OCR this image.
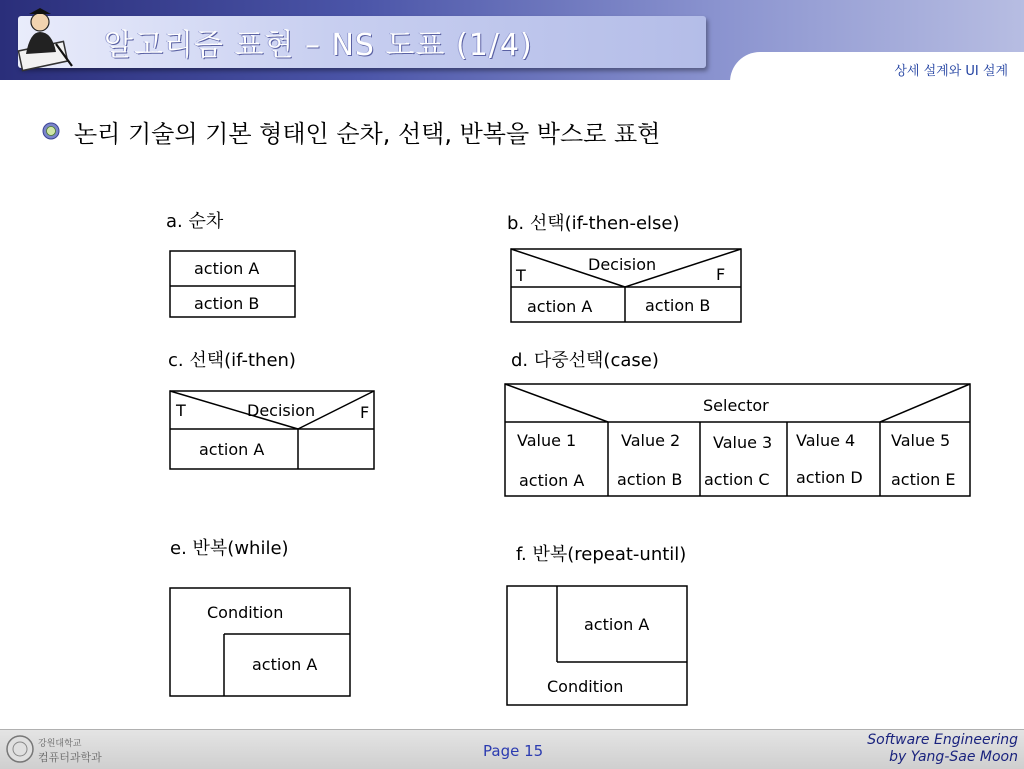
알고리즘 표현 – NS 도표 (1/4)
상세 설계와 UI 설계
논리 기술의 기본 형태인 순차, 선택, 반복을 박스로 표현
a. 순차
action A
action B
b. 선택(if-then-else)
Decision
T	F
action A	action B
c. 선택(if-then)
T	Decision	F
action A
d. 다중선택(case)
Selector
Value 1	Value 2 Value 3 Value 4 Value 5
action A action B action C action D action E
e. 반복(while)
Condition
action A
f. 반복(repeat-until)
action A
Condition
강원대학교
컴퓨터과학과	Page 15
Software Engineering
by Yang-Sae Moon
